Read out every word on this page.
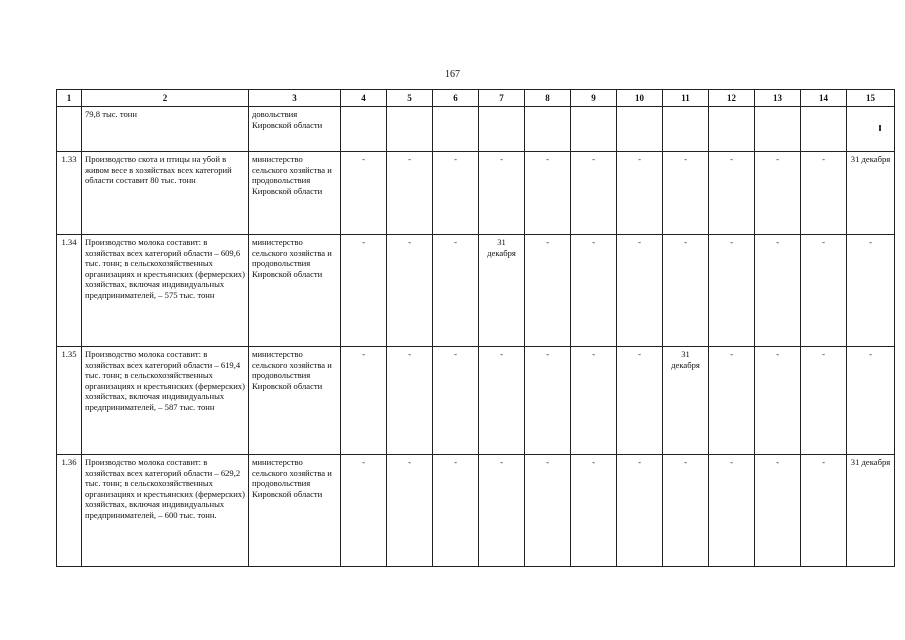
167
1	2	3	4	5	6	7	8	9	10	11	12	13	14	15
	79,8 тыс. тонн	довольствия Кировской области												
1.33	Производство скота и птицы на убой в живом весе в хозяйствах всех категорий области составит 80 тыс. тонн	министерство сельского хозяйства и продовольствия Кировской области	-	-	-	-	-	-	-	-	-	-	-	31 декабря
1.34	Производство молока составит: в хозяйствах всех категорий области – 609,6 тыс. тонн; в сельскохозяйственных организациях и крестьянских (фермерских) хозяйствах, включая индивидуальных предпринимателей, – 575 тыс. тонн	министерство сельского хозяйства и продовольствия Кировской области	-	-	-	31 декабря	-	-	-	-	-	-	-	-
1.35	Производство молока составит: в хозяйствах всех категорий области – 619,4 тыс. тонн; в сельскохозяйственных организациях и крестьянских (фермерских) хозяйствах, включая индивидуальных предпринимателей, – 587 тыс. тонн	министерство сельского хозяйства и продовольствия Кировской области	-	-	-	-	-	-	-	31 декабря	-	-	-	-
1.36	Производство молока составит: в хозяйствах всех категорий области – 629,2 тыс. тонн; в сельскохозяйственных организациях и крестьянских (фермерских) хозяйствах, включая индивидуальных предпринимателей, – 600 тыс. тонн.	министерство сельского хозяйства и продовольствия Кировской области	-	-	-	-	-	-	-	-	-	-	-	31 декабря
